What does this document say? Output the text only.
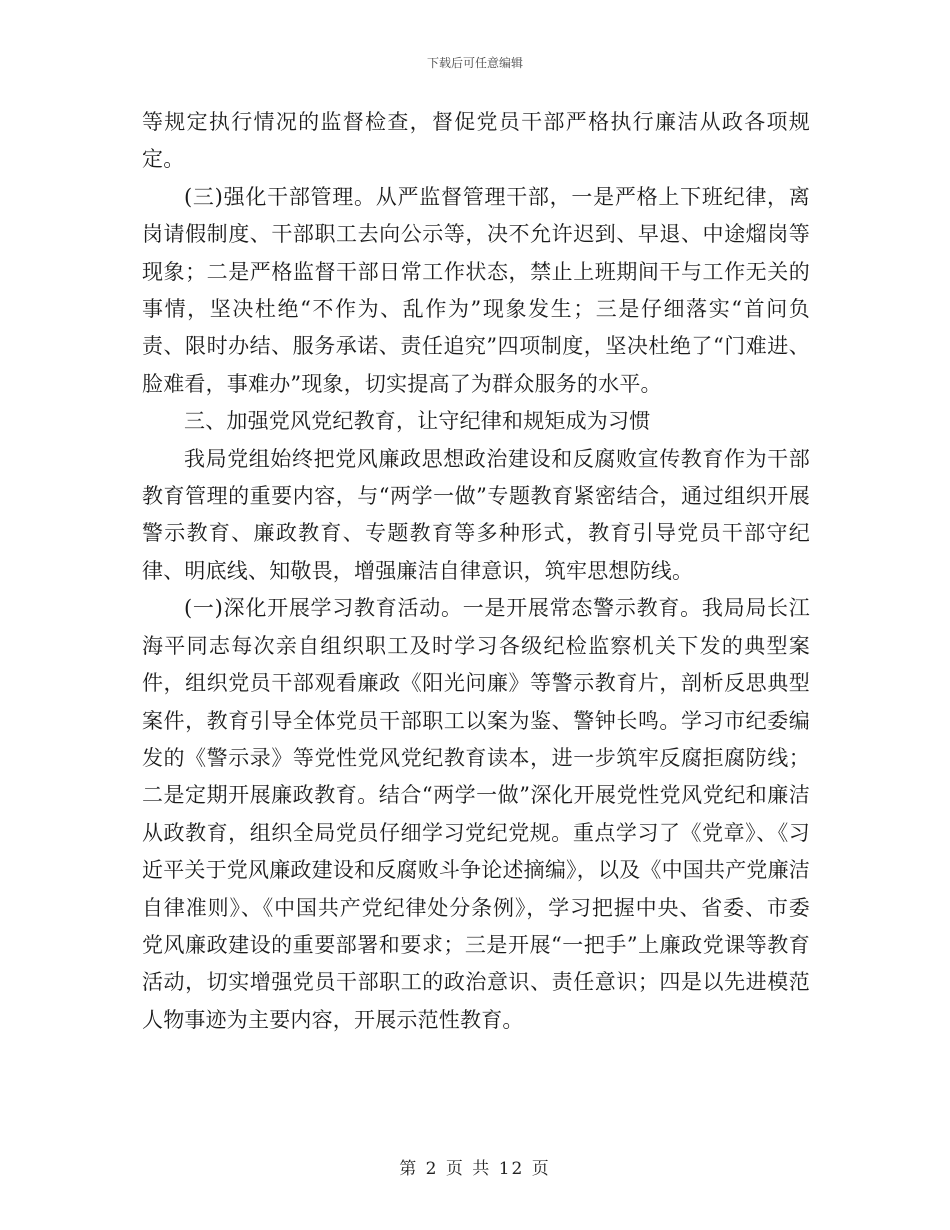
下载后可任意编辑

等规定执行情况的监督检查，督促党员干部严格执行廉洁从政各项规定。

(三)强化干部管理。从严监督管理干部，一是严格上下班纪律，离岗请假制度、干部职工去向公示等，决不允许迟到、早退、中途熘岗等现象；二是严格监督干部日常工作状态，禁止上班期间干与工作无关的事情，坚决杜绝“不作为、乱作为”现象发生；三是仔细落实“首问负责、限时办结、服务承诺、责任追究”四项制度，坚决杜绝了“门难进、脸难看，事难办”现象，切实提高了为群众服务的水平。

三、加强党风党纪教育，让守纪律和规矩成为习惯

我局党组始终把党风廉政思想政治建设和反腐败宣传教育作为干部教育管理的重要内容，与“两学一做”专题教育紧密结合，通过组织开展警示教育、廉政教育、专题教育等多种形式，教育引导党员干部守纪律、明底线、知敬畏，增强廉洁自律意识，筑牢思想防线。

(一)深化开展学习教育活动。一是开展常态警示教育。我局局长江海平同志每次亲自组织职工及时学习各级纪检监察机关下发的典型案件，组织党员干部观看廉政《阳光问廉》等警示教育片，剖析反思典型案件，教育引导全体党员干部职工以案为鉴、警钟长鸣。学习市纪委编发的《警示录》等党性党风党纪教育读本，进一步筑牢反腐拒腐防线；二是定期开展廉政教育。结合“两学一做”深化开展党性党风党纪和廉洁从政教育，组织全局党员仔细学习党纪党规。重点学习了《党章》、《习近平关于党风廉政建设和反腐败斗争论述摘编》，以及《中国共产党廉洁自律准则》、《中国共产党纪律处分条例》，学习把握中央、省委、市委党风廉政建设的重要部署和要求；三是开展“一把手”上廉政党课等教育活动，切实增强党员干部职工的政治意识、责任意识；四是以先进模范人物事迹为主要内容，开展示范性教育。

第 2 页 共 12 页
